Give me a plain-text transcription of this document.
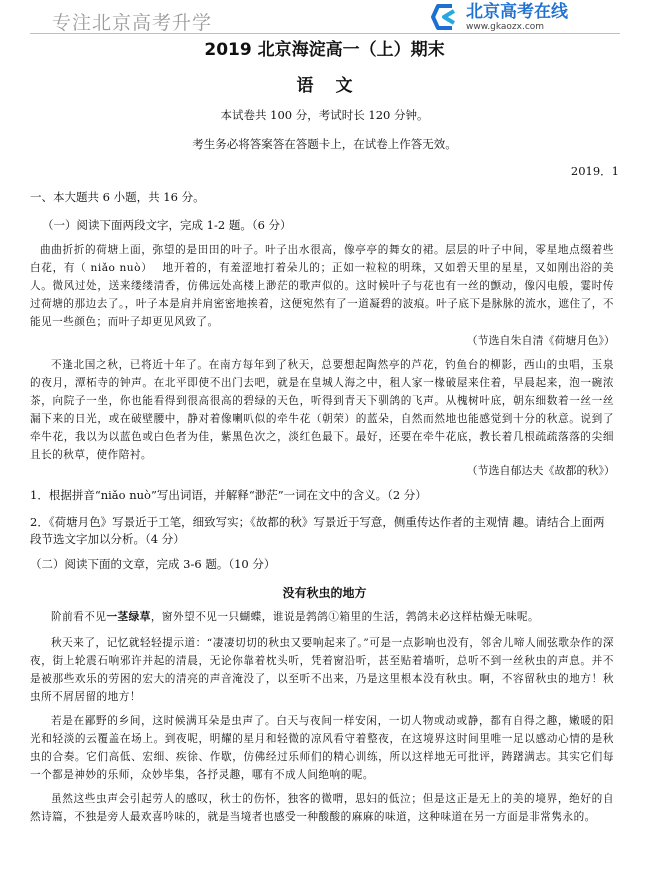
专注北京高考升学	北京高考在线
www.gkaozx.com
2019 北京海淀高一（上）期末
语文
本试卷共 100 分，考试时长 120 分钟。
考生务必将答案答在答题卡上，在试卷上作答无效。
2019．1
一、本大题共 6 小题，共 16 分。
（一）阅读下面两段文字，完成 1-2 题。（6 分）
曲曲折折的荷塘上面，弥望的是田田的叶子。叶子出水很高，像亭亭的舞女的裙。层层的叶子中间，零星地点缀着些白花，有（ niǎo nuò）　 地开着的，有羞涩地打着朵儿的；正如一粒粒的明珠，又如碧天里的星星，又如刚出浴的美人。微风过处，送来缕缕清香，仿佛远处高楼上渺茫的歌声似的。这时候叶子与花也有一丝的颤动，像闪电般，霎时传过荷塘的那边去了。，叶子本是肩并肩密密地挨着，这便宛然有了一道凝碧的波痕。叶子底下是脉脉的流水，遮住了，不能见一些颜色；而叶子却更见风致了。
（节选自朱自清《荷塘月色》）
不逢北国之秋，已将近十年了。在南方每年到了秋天，总要想起陶然亭的芦花，钓鱼台的柳影，西山的虫唱，玉泉的夜月，潭柘寺的钟声。在北平即使不出门去吧，就是在皇城人海之中，租人家一椽破屋来住着，早晨起来，泡一碗浓茶，向院子一坐，你也能看得到很高很高的碧绿的天色，听得到青天下驯鸽的飞声。从槐树叶底，朝东细数着一丝一丝漏下来的日光，或在破壁腰中，静对着像喇叭似的牵牛花（朝荣）的蓝朵，自然而然地也能感觉到十分的秋意。说到了牵牛花，我以为以蓝色或白色者为佳，紫黑色次之，淡红色最下。最好，还要在牵牛花底，教长着几根疏疏落落的尖细且长的秋草，使作陪衬。
（节选自郁达夫《故都的秋》）
1．根据拼音“niǎo nuò”写出词语，并解释“渺茫”一词在文中的含义。（2 分）
2．《荷塘月色》写景近于工笔，细致写实；《故都的秋》写景近于写意，侧重传达作者的主观情 趣。请结合上面两段节选文字加以分析。（4 分）
（二）阅读下面的文章，完成 3-6 题。（10 分）
没有秋虫的地方
阶前看不见一茎绿草，窗外望不见一只蝴蝶，谁说是鹁鸽①箱里的生活，鹁鸽未必这样枯燥无味呢。
秋天来了，记忆就轻轻提示道：“凄凄切切的秋虫又要响起来了。”可是一点影响也没有，邻舍儿啼人闹弦歌杂作的深夜，街上轮震石响邪许并起的清晨，无论你靠着枕头听，凭着窗沿听，甚至贴着墙听，总听不到一丝秋虫的声息。并不是被那些欢乐的劳困的宏大的清亮的声音淹没了，以至听不出来，乃是这里根本没有秋虫。啊，不容留秋虫的地方！秋虫所不屑居留的地方！
若是在鄙野的乡间，这时候满耳朵是虫声了。白天与夜间一样安闲，一切人物或动或静，都有自得之趣，嫩暖的阳光和轻淡的云覆盖在场上。到夜呢，明耀的星月和轻微的凉风看守着整夜，在这境界这时间里唯一足以感动心情的是秋虫的合奏。它们高低、宏细、疾徐、作歇，仿佛经过乐师们的精心训练，所以这样地无可批评，踌躇满志。其实它们每一个都是神妙的乐师，众妙毕集，各抒灵趣，哪有不成人间绝响的呢。
虽然这些虫声会引起劳人的感叹，秋士的伤怀，独客的微喟，思妇的低泣；但是这正是无上的美的境界，绝好的自然诗篇，不独是旁人最欢喜吟味的，就是当境者也感受一种酸酸的麻麻的味道，这种味道在另一方面是非常隽永的。
